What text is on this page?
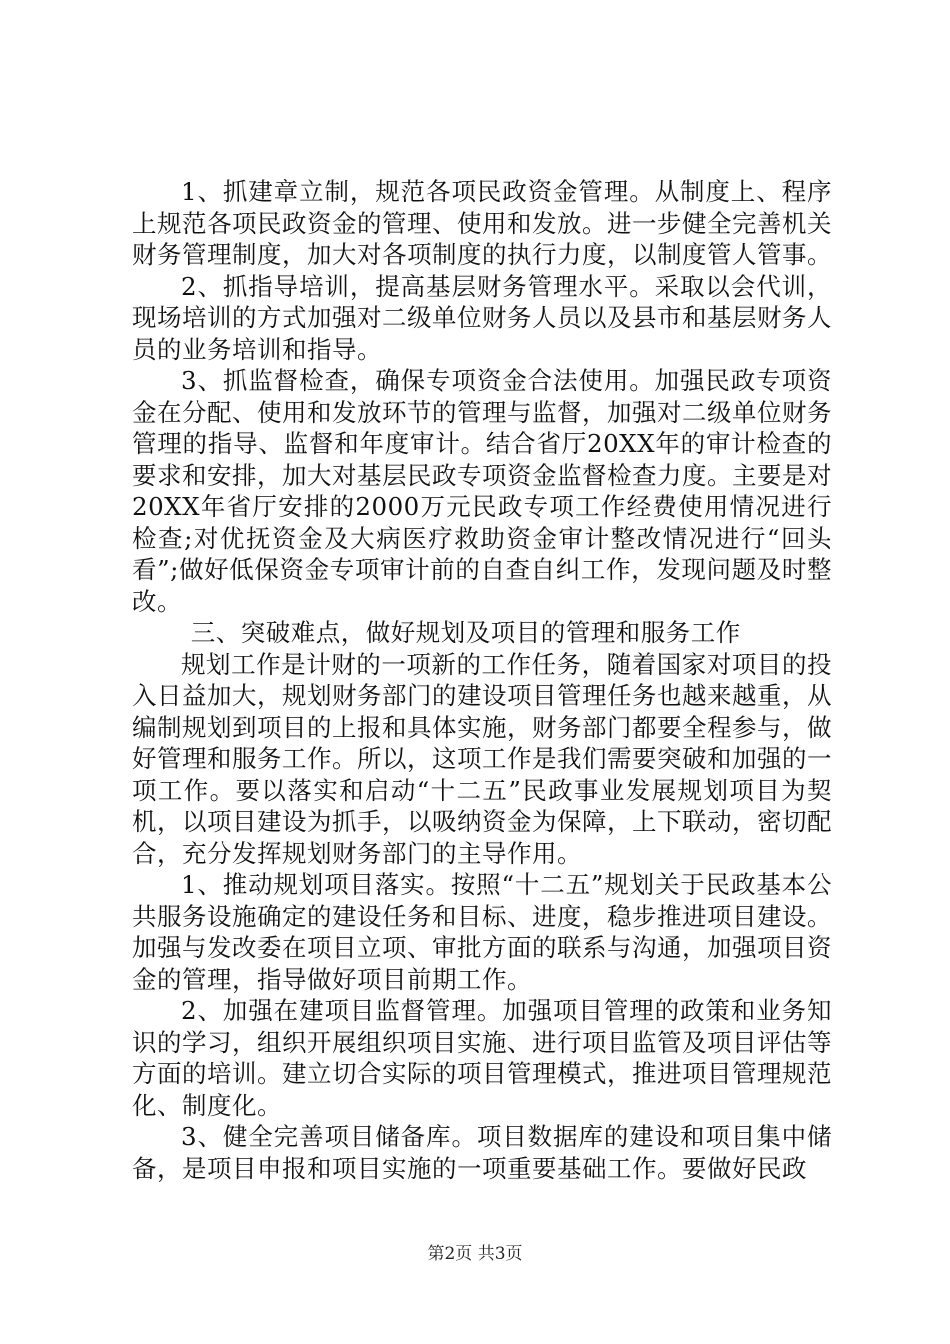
1、抓建章立制，规范各项民政资金管理。从制度上、程序上规范各项民政资金的管理、使用和发放。进一步健全完善机关财务管理制度，加大对各项制度的执行力度，以制度管人管事。

2、抓指导培训，提高基层财务管理水平。采取以会代训，现场培训的方式加强对二级单位财务人员以及县市和基层财务人员的业务培训和指导。

3、抓监督检查，确保专项资金合法使用。加强民政专项资金在分配、使用和发放环节的管理与监督，加强对二级单位财务管理的指导、监督和年度审计。结合省厅20XX年的审计检查的要求和安排，加大对基层民政专项资金监督检查力度。主要是对20XX年省厅安排的2000万元民政专项工作经费使用情况进行检查;对优抚资金及大病医疗救助资金审计整改情况进行“回头看”;做好低保资金专项审计前的自查自纠工作，发现问题及时整改。

三、突破难点，做好规划及项目的管理和服务工作

规划工作是计财的一项新的工作任务，随着国家对项目的投入日益加大，规划财务部门的建设项目管理任务也越来越重，从编制规划到项目的上报和具体实施，财务部门都要全程参与，做好管理和服务工作。所以，这项工作是我们需要突破和加强的一项工作。要以落实和启动“十二五”民政事业发展规划项目为契机，以项目建设为抓手，以吸纳资金为保障，上下联动，密切配合，充分发挥规划财务部门的主导作用。

1、推动规划项目落实。按照“十二五”规划关于民政基本公共服务设施确定的建设任务和目标、进度，稳步推进项目建设。加强与发改委在项目立项、审批方面的联系与沟通，加强项目资金的管理，指导做好项目前期工作。

2、加强在建项目监督管理。加强项目管理的政策和业务知识的学习，组织开展组织项目实施、进行项目监管及项目评估等方面的培训。建立切合实际的项目管理模式，推进项目管理规范化、制度化。

3、健全完善项目储备库。项目数据库的建设和项目集中储备，是项目申报和项目实施的一项重要基础工作。要做好民政

第2页 共3页
